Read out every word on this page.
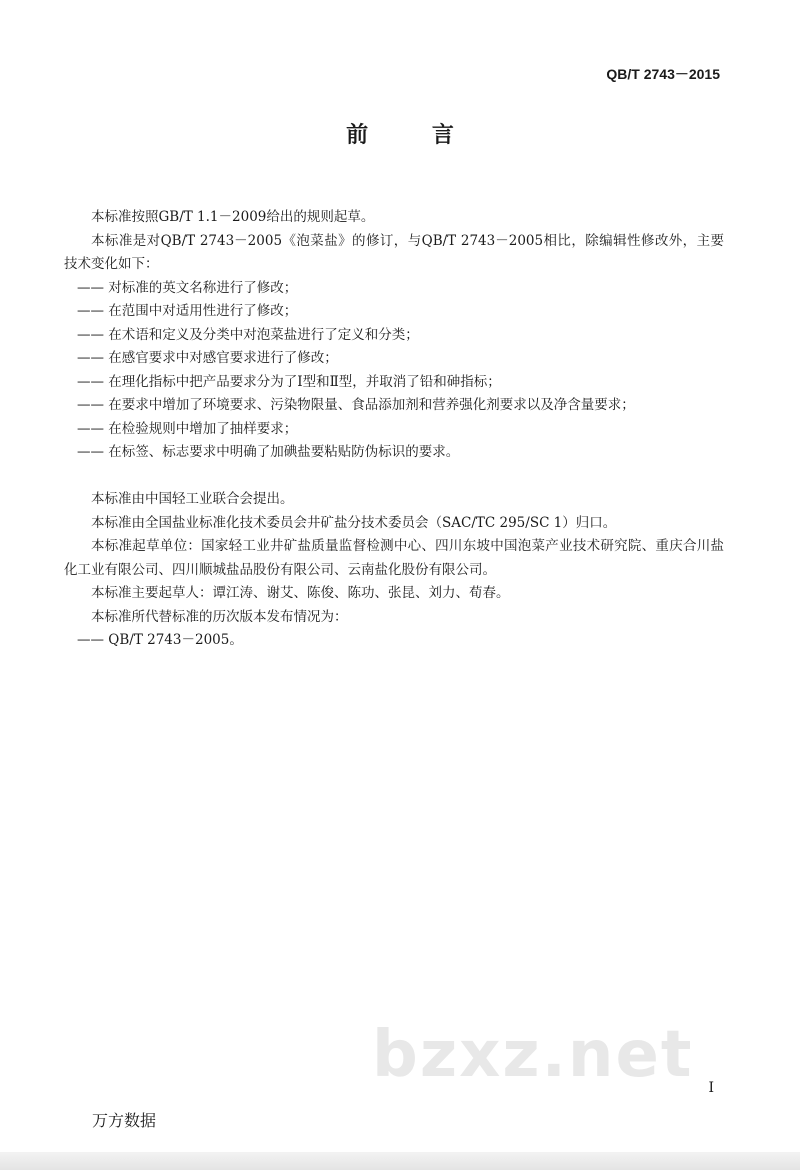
QB/T 2743－2015
前 言

本标准按照GB/T 1.1－2009给出的规则起草。

本标准是对QB/T 2743－2005《泡菜盐》的修订，与QB/T 2743－2005相比，除编辑性修改外，主要技术变化如下：

—— 对标准的英文名称进行了修改；

—— 在范围中对适用性进行了修改；

—— 在术语和定义及分类中对泡菜盐进行了定义和分类；

—— 在感官要求中对感官要求进行了修改；

—— 在理化指标中把产品要求分为了Ⅰ型和Ⅱ型，并取消了铅和砷指标；

—— 在要求中增加了环境要求、污染物限量、食品添加剂和营养强化剂要求以及净含量要求；

—— 在检验规则中增加了抽样要求；

—— 在标签、标志要求中明确了加碘盐要粘贴防伪标识的要求。

本标准由中国轻工业联合会提出。

本标准由全国盐业标准化技术委员会井矿盐分技术委员会（SAC/TC 295/SC 1）归口。

本标准起草单位：国家轻工业井矿盐质量监督检测中心、四川东坡中国泡菜产业技术研究院、重庆合川盐化工业有限公司、四川顺城盐品股份有限公司、云南盐化股份有限公司。

本标准主要起草人：谭江涛、谢艾、陈俊、陈功、张昆、刘力、荀春。

本标准所代替标准的历次版本发布情况为：

—— QB/T 2743－2005。

bzxz.net I
万方数据
